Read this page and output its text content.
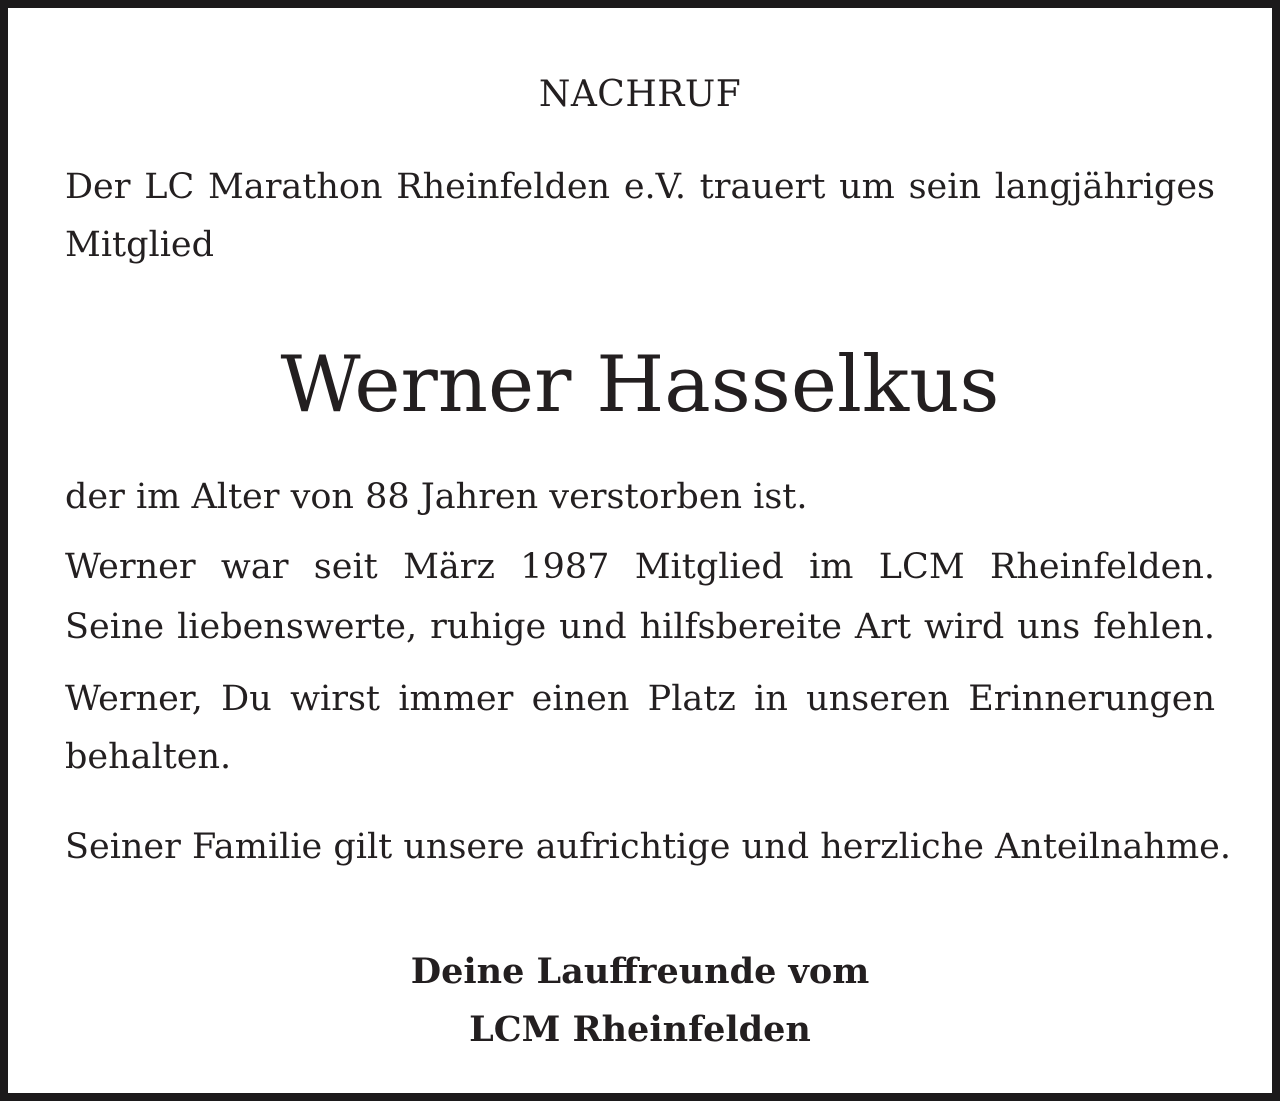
NACHRUF

Der LC Marathon Rheinfelden e.V. trauert um sein langjähriges

Mitglied

Werner Hasselkus

der im Alter von 88 Jahren verstorben ist.

Werner war seit März 1987 Mitglied im LCM Rheinfelden.

Seine liebenswerte, ruhige und hilfsbereite Art wird uns fehlen.

Werner, Du wirst immer einen Platz in unseren Erinnerungen

behalten.

Seiner Familie gilt unsere aufrichtige und herzliche Anteilnahme.

Deine Lauffreunde vom

LCM Rheinfelden
